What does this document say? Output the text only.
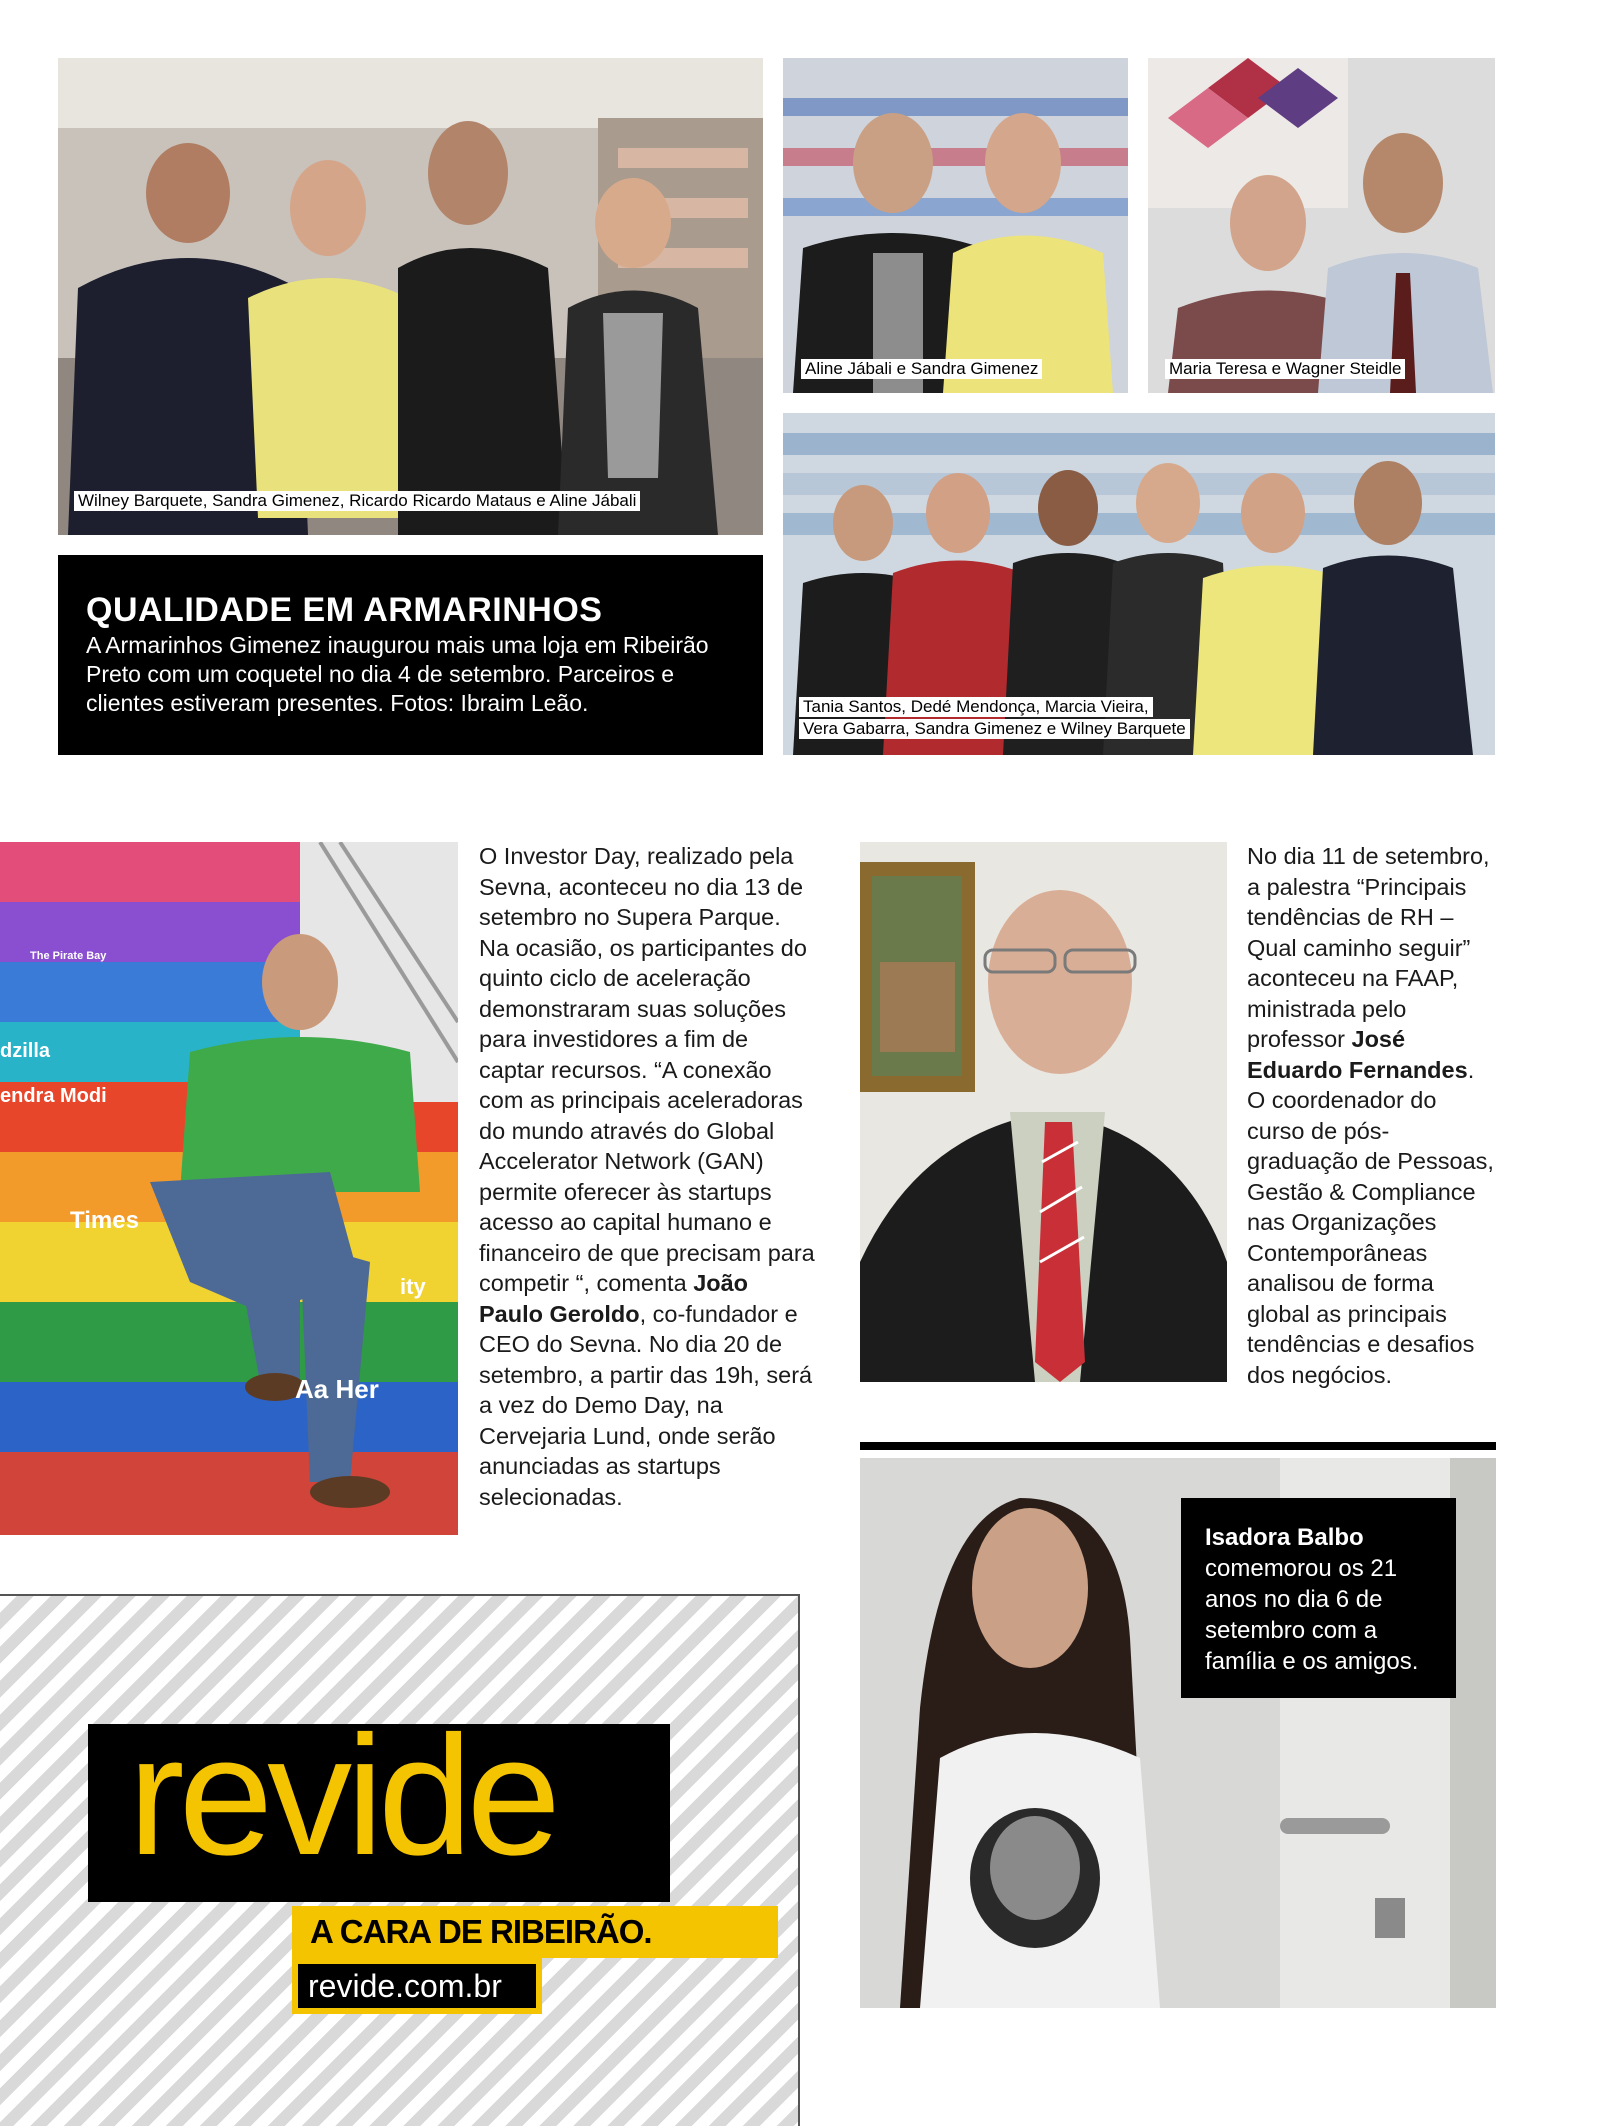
Wilney Barquete, Sandra Gimenez, Ricardo Ricardo Mataus e Aline Jábali
Aline Jábali e Sandra Gimenez	Maria Teresa e Wagner Steidle
Tania Santos, Dedé Mendonça, Marcia Vieira,
Vera Gabarra, Sandra Gimenez e Wilney Barquete
QUALIDADE EM ARMARINHOS
A Armarinhos Gimenez inaugurou mais uma loja em Ribeirão Preto com um coquetel no dia 4 de setembro. Parceiros e clientes estiveram presentes. Fotos: Ibraim Leão.
The Pirate Bay
dzilla
endra Modi
Times
ity
Aa Her
O Investor Day, realizado pela Sevna, aconteceu no dia 13 de setembro no Supera Parque. Na ocasião, os participantes do quinto ciclo de aceleração demonstraram suas soluções para investidores a fim de captar recursos. “A conexão com as principais aceleradoras do mundo através do Global Accelerator Network (GAN) permite oferecer às startups acesso ao capital humano e financeiro de que precisam para competir “, comenta João Paulo Geroldo, co-fundador e CEO do Sevna. No dia 20 de setembro, a partir das 19h, será a vez do Demo Day, na Cervejaria Lund, onde serão anunciadas as startups selecionadas.
No dia 11 de setembro, a palestra “Principais tendências de RH – Qual caminho seguir” aconteceu na FAAP, ministrada pelo professor José Eduardo Fernandes. O coordenador do curso de pós-graduação de Pessoas, Gestão & Compliance nas Organizações Contemporâneas analisou de forma global as principais tendências e desafios dos negócios.
Isadora Balbo
comemorou os 21 anos no dia 6 de setembro com a família e os amigos.
revide
A CARA DE RIBEIRÃO.
revide.com.br
